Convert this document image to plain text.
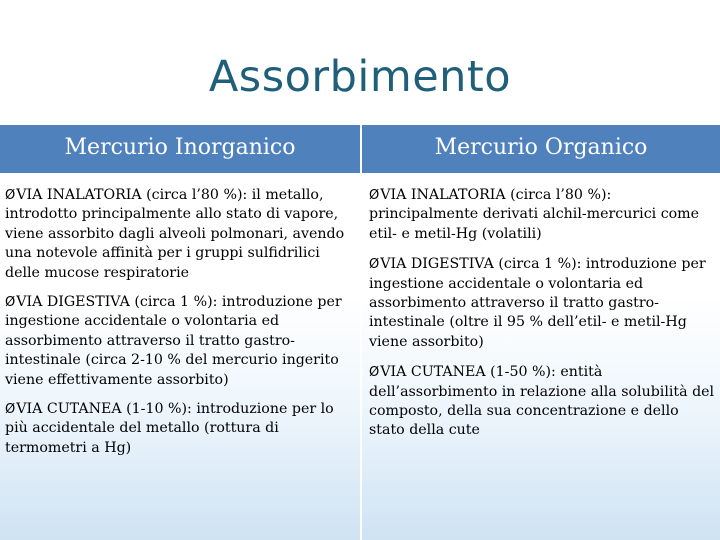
Assorbimento
Mercurio Inorganico	Mercurio Organico

ØVIA INALATORIA (circa l’80 %): il metallo, introdotto principalmente allo stato di vapore, viene assorbito dagli alveoli polmonari, avendo una notevole affinità per i gruppi sulfidrilici delle mucose respiratorie

ØVIA DIGESTIVA (circa 1 %): introduzione per ingestione accidentale o volontaria ed assorbimento attraverso il tratto gastro-intestinale (circa 2-10 % del mercurio ingerito viene effettivamente assorbito)

ØVIA CUTANEA (1-10 %): introduzione per lo più accidentale del metallo (rottura di termometri a Hg)

ØVIA INALATORIA (circa l’80 %): principalmente derivati alchil-mercurici come etil- e metil-Hg (volatili)

ØVIA DIGESTIVA (circa 1 %): introduzione per ingestione accidentale o volontaria ed assorbimento attraverso il tratto gastro-intestinale (oltre il 95 % dell’etil- e metil-Hg viene assorbito)

ØVIA CUTANEA (1-50 %): entità dell’assorbimento in relazione alla solubilità del composto, della sua concentrazione e dello stato della cute
